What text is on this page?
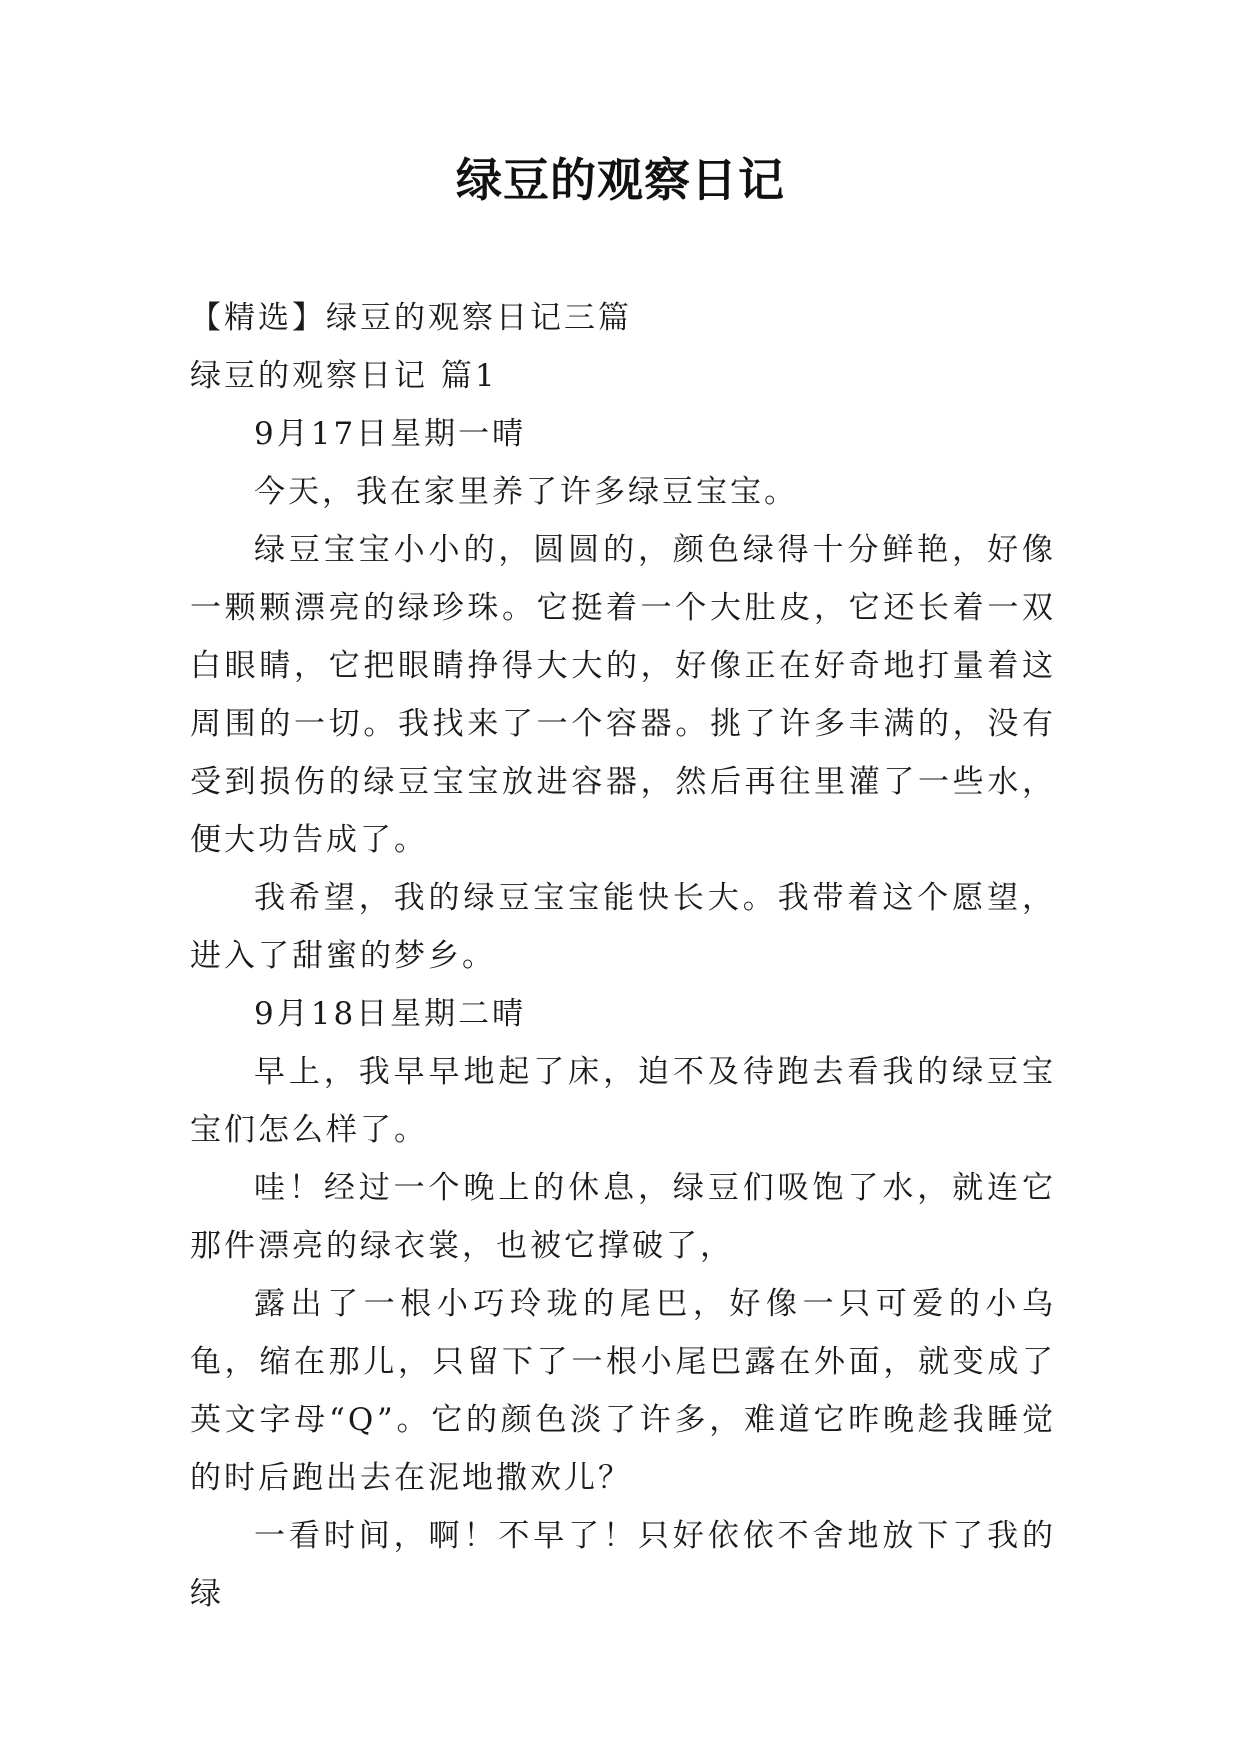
绿豆的观察日记

【精选】绿豆的观察日记三篇

绿豆的观察日记 篇1

9月17日星期一晴

今天，我在家里养了许多绿豆宝宝。

绿豆宝宝小小的，圆圆的，颜色绿得十分鲜艳，好像一颗颗漂亮的绿珍珠。它挺着一个大肚皮，它还长着一双白眼睛，它把眼睛挣得大大的，好像正在好奇地打量着这周围的一切。我找来了一个容器。挑了许多丰满的，没有受到损伤的绿豆宝宝放进容器，然后再往里灌了一些水，便大功告成了。

我希望，我的绿豆宝宝能快长大。我带着这个愿望，进入了甜蜜的梦乡。

9月18日星期二晴

早上，我早早地起了床，迫不及待跑去看我的绿豆宝宝们怎么样了。

哇！经过一个晚上的休息，绿豆们吸饱了水，就连它那件漂亮的绿衣裳，也被它撑破了，

露出了一根小巧玲珑的尾巴，好像一只可爱的小乌龟，缩在那儿，只留下了一根小尾巴露在外面，就变成了英文字母“Q”。它的颜色淡了许多，难道它昨晚趁我睡觉的时后跑出去在泥地撒欢儿？

一看时间，啊！不早了！只好依依不舍地放下了我的绿
